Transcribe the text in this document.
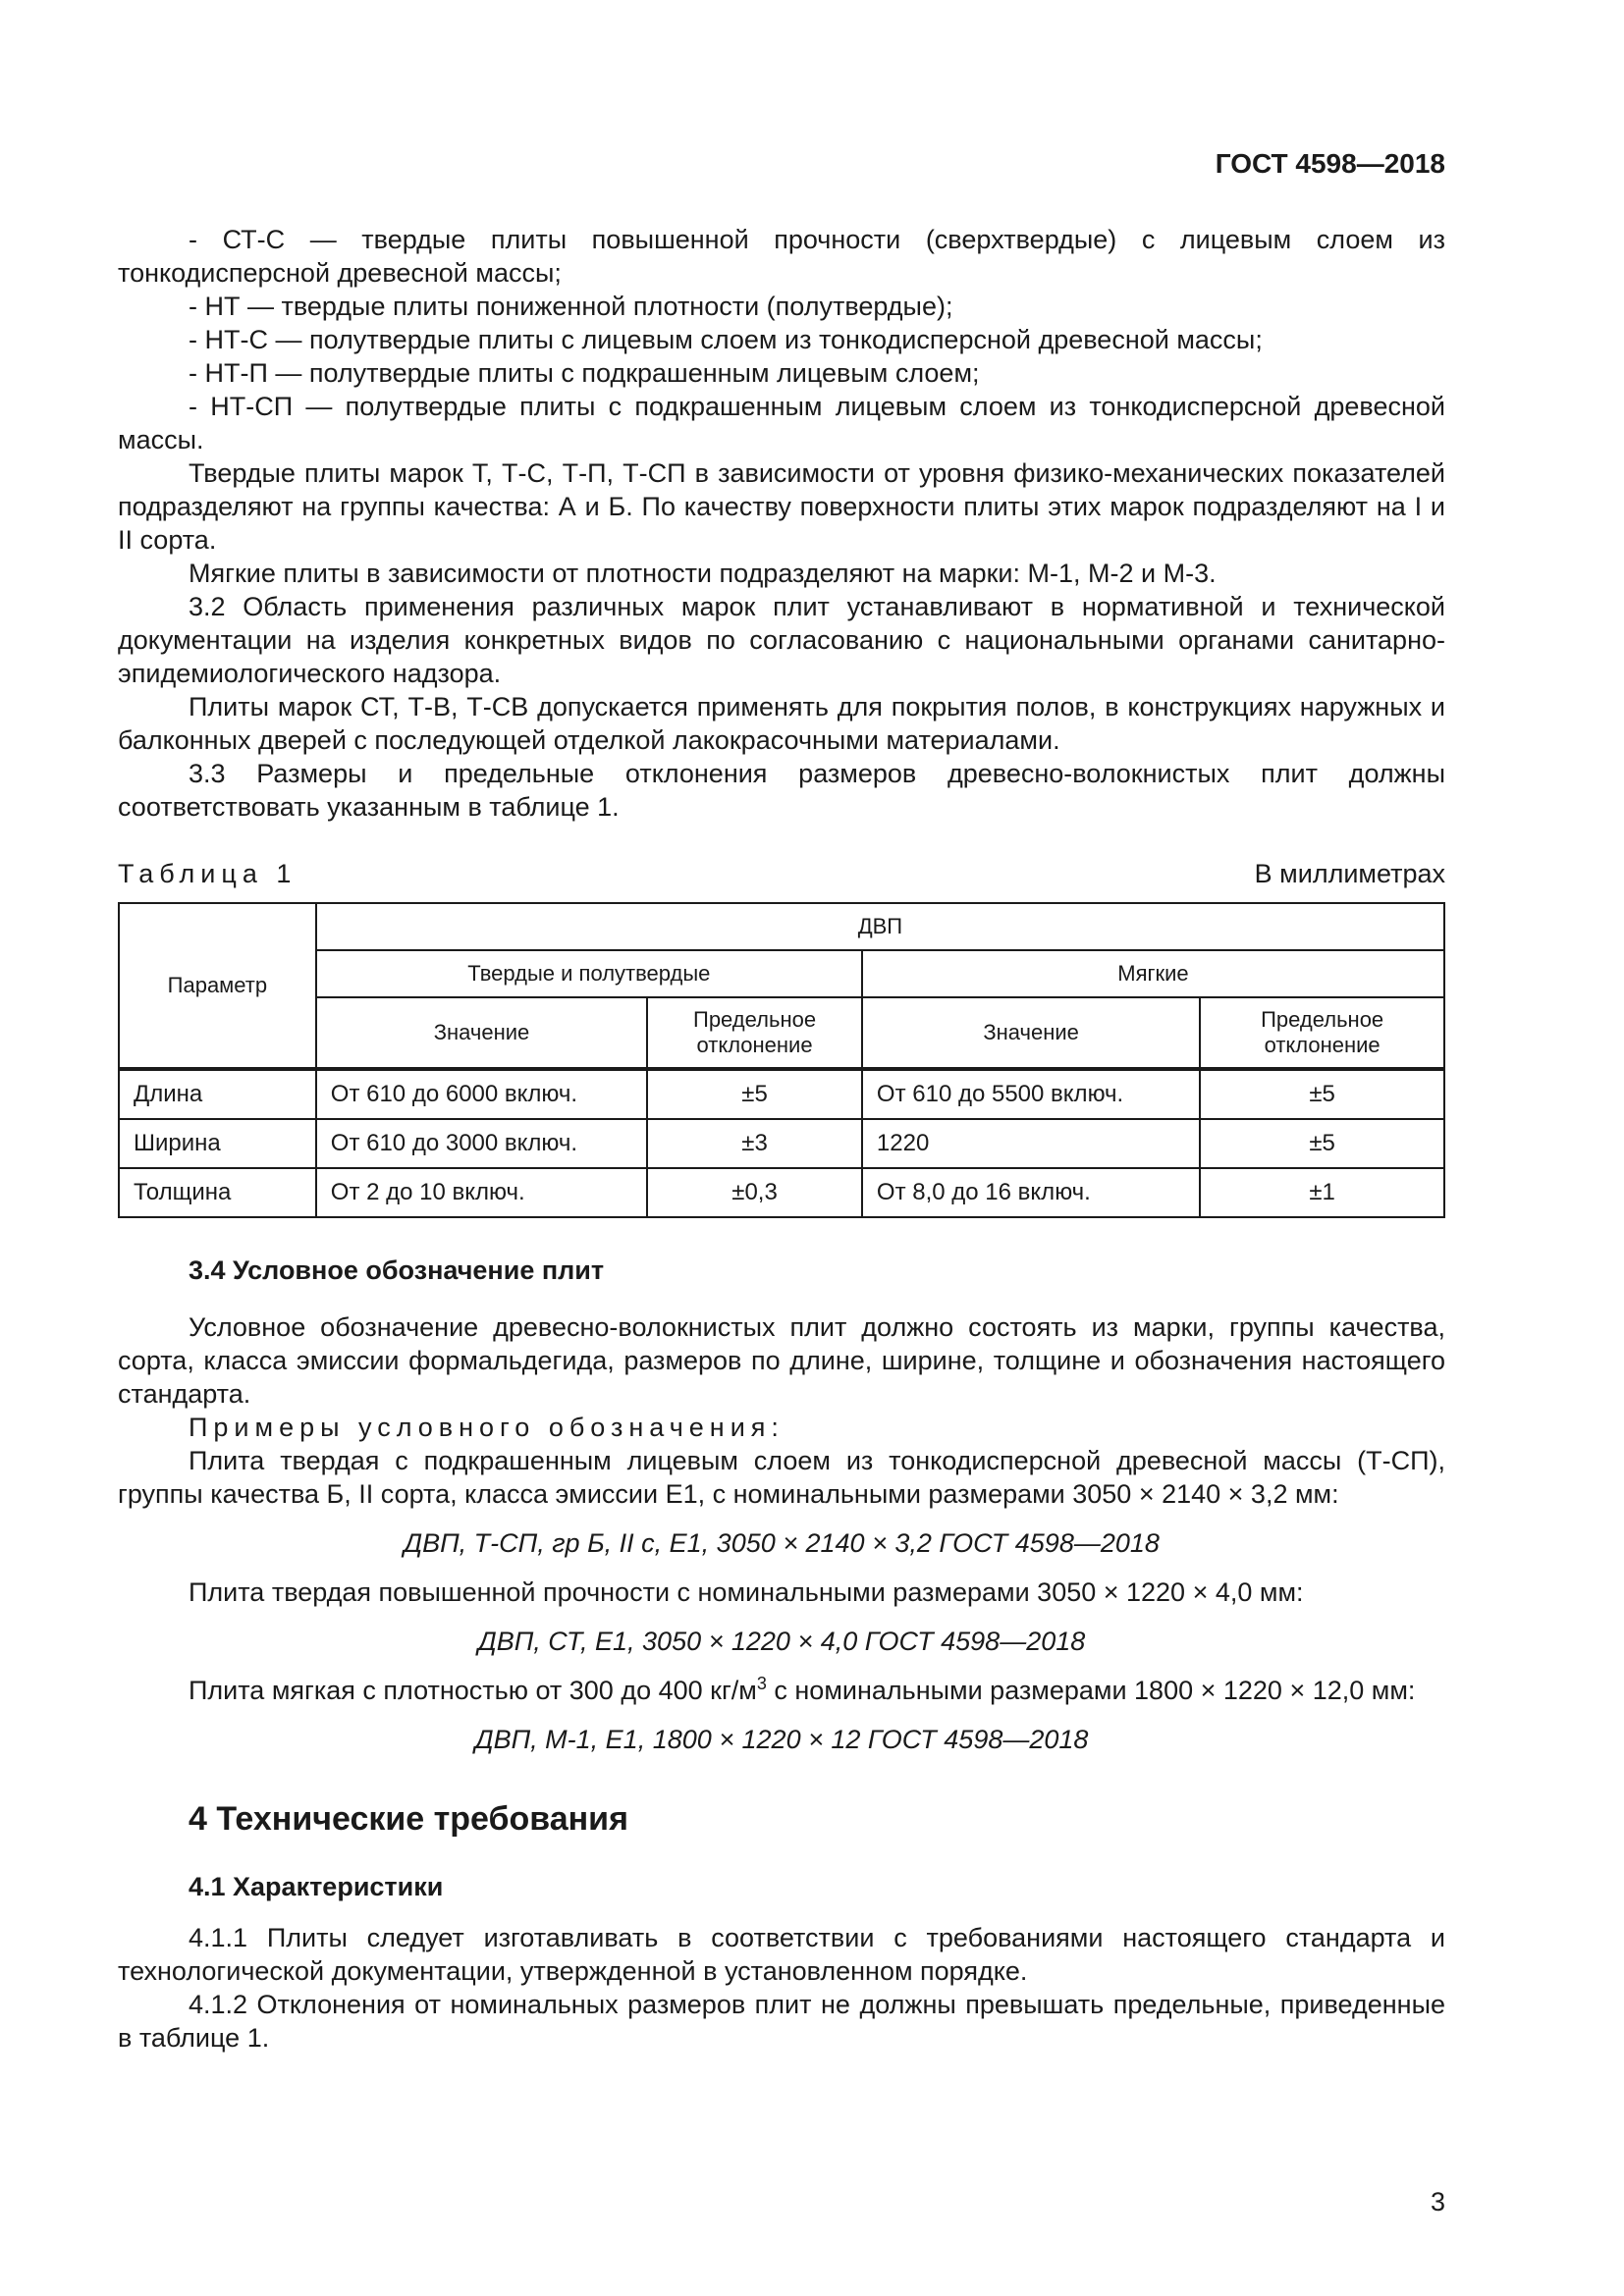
ГОСТ 4598—2018

- СТ-С — твердые плиты повышенной прочности (сверхтвердые) с лицевым слоем из тонкодисперсной древесной массы;

- НТ — твердые плиты пониженной плотности (полутвердые);

- НТ-С — полутвердые плиты с лицевым слоем из тонкодисперсной древесной массы;

- НТ-П — полутвердые плиты с подкрашенным лицевым слоем;

- НТ-СП — полутвердые плиты с подкрашенным лицевым слоем из тонкодисперсной древесной массы.

Твердые плиты марок Т, Т-С, Т-П, Т-СП в зависимости от уровня физико-механических показателей подразделяют на группы качества: А и Б. По качеству поверхности плиты этих марок подразделяют на I и II сорта.

Мягкие плиты в зависимости от плотности подразделяют на марки: М-1, М-2 и М-3.

3.2 Область применения различных марок плит устанавливают в нормативной и технической документации на изделия конкретных видов по согласованию с национальными органами санитарно-эпидемиологического надзора.

Плиты марок СТ, Т-В, Т-СВ допускается применять для покрытия полов, в конструкциях наружных и балконных дверей с последующей отделкой лакокрасочными материалами.

3.3 Размеры и предельные отклонения размеров древесно-волокнистых плит должны соответствовать указанным в таблице 1.

Таблица 1	В миллиметрах
Параметр	ДВП			
	Твердые и полутвердые		Мягкие	
	Значение	Предельное отклонение	Значение	Предельное отклонение
Длина	От 610 до 6000 включ.	±5	От 610 до 5500 включ.	±5
Ширина	От 610 до 3000 включ.	±3	1220	±5
Толщина	От 2 до 10 включ.	±0,3	От 8,0 до 16 включ.	±1
3.4 Условное обозначение плит

Условное обозначение древесно-волокнистых плит должно состоять из марки, группы качества, сорта, класса эмиссии формальдегида, размеров по длине, ширине, толщине и обозначения настоящего стандарта.

Примеры условного обозначения:

Плита твердая с подкрашенным лицевым слоем из тонкодисперсной древесной массы (Т-СП), группы качества Б, II сорта, класса эмиссии Е1, с номинальными размерами 3050 × 2140 × 3,2 мм:

ДВП, Т-СП, гр Б, II с, Е1, 3050 × 2140 × 3,2 ГОСТ 4598—2018

Плита твердая повышенной прочности с номинальными размерами 3050 × 1220 × 4,0 мм:

ДВП, СТ, Е1, 3050 × 1220 × 4,0 ГОСТ 4598—2018

Плита мягкая с плотностью от 300 до 400 $кг/м^3$ с номинальными размерами 1800 × 1220 × 12,0 мм:

ДВП, М-1, Е1, 1800 × 1220 × 12 ГОСТ 4598—2018
4 Технические требования
4.1 Характеристики

4.1.1 Плиты следует изготавливать в соответствии с требованиями настоящего стандарта и технологической документации, утвержденной в установленном порядке.

4.1.2 Отклонения от номинальных размеров плит не должны превышать предельные, приведенные в таблице 1.

3
